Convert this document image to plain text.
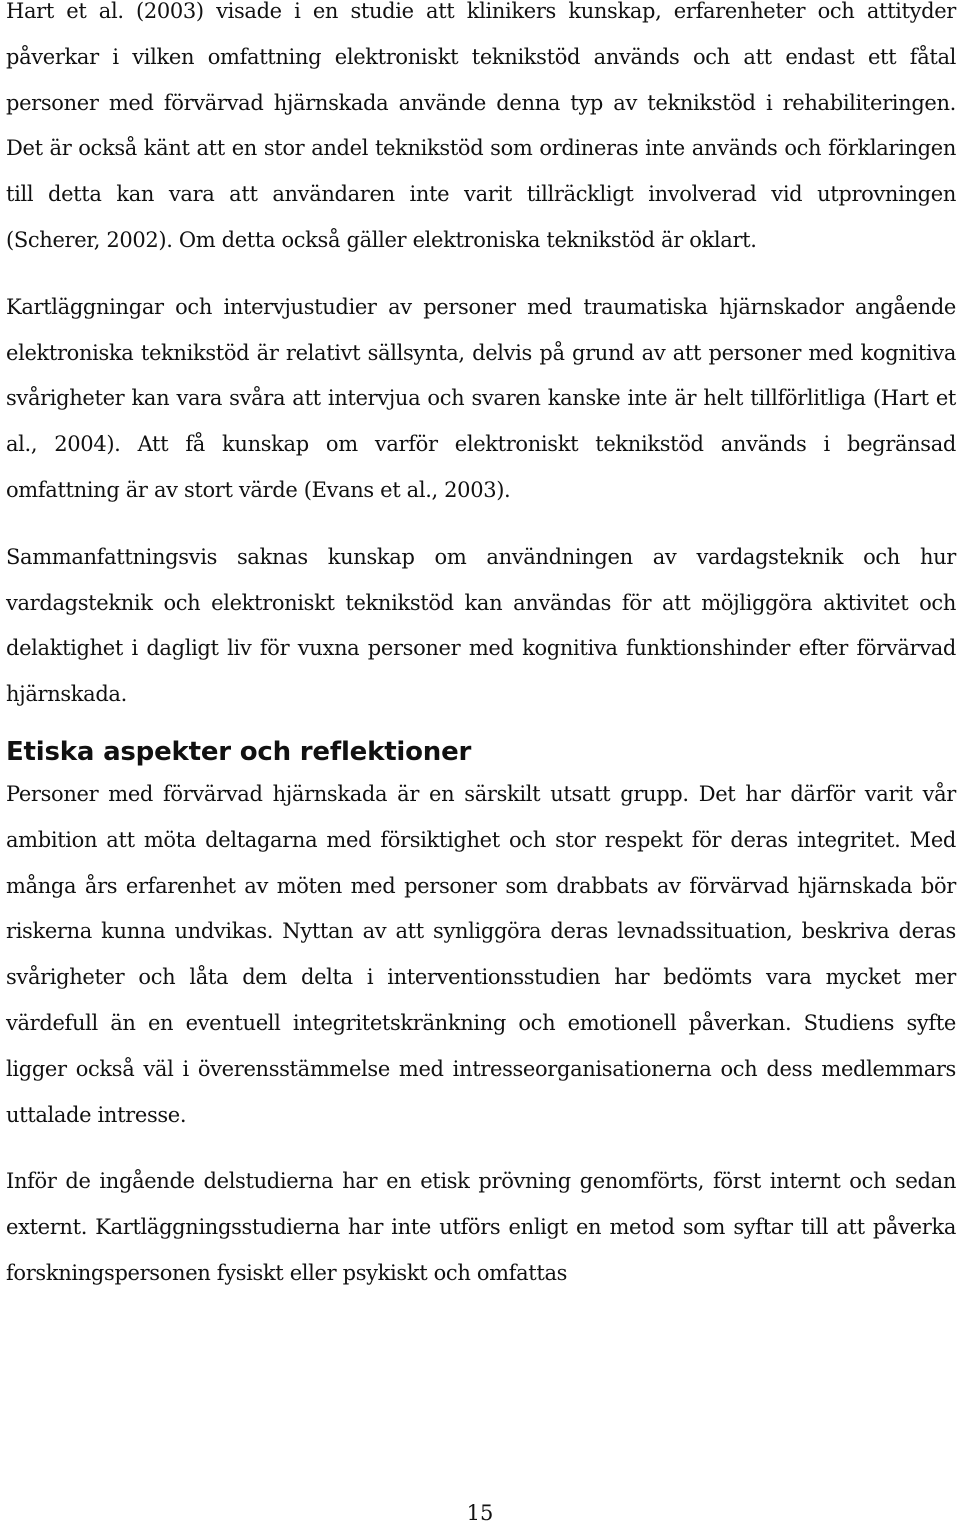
Hart et al. (2003) visade i en studie att klinikers kunskap, erfarenheter och attityder påverkar i vilken omfattning elektroniskt teknikstöd används och att endast ett fåtal personer med förvärvad hjärnskada använde denna typ av teknikstöd i rehabiliteringen. Det är också känt att en stor andel teknikstöd som ordineras inte används och förklaringen till detta kan vara att användaren inte varit tillräckligt involverad vid utprovningen (Scherer, 2002). Om detta också gäller elektroniska teknikstöd är oklart.

Kartläggningar och intervjustudier av personer med traumatiska hjärnskador angående elektroniska teknikstöd är relativt sällsynta, delvis på grund av att personer med kognitiva svårigheter kan vara svåra att intervjua och svaren kanske inte är helt tillförlitliga (Hart et al., 2004). Att få kunskap om varför elektroniskt teknikstöd används i begränsad omfattning är av stort värde (Evans et al., 2003).

Sammanfattningsvis saknas kunskap om användningen av vardagsteknik och hur vardagsteknik och elektroniskt teknikstöd kan användas för att möjliggöra aktivitet och delaktighet i dagligt liv för vuxna personer med kognitiva funktionshinder efter förvärvad hjärnskada.

Etiska aspekter och reflektioner

Personer med förvärvad hjärnskada är en särskilt utsatt grupp. Det har därför varit vår ambition att möta deltagarna med försiktighet och stor respekt för deras integritet. Med många års erfarenhet av möten med personer som drabbats av förvärvad hjärnskada bör riskerna kunna undvikas. Nyttan av att synliggöra deras levnadssituation, beskriva deras svårigheter och låta dem delta i interventionsstudien har bedömts vara mycket mer värdefull än en eventuell integritetskränkning och emotionell påverkan. Studiens syfte ligger också väl i överensstämmelse med intresseorganisationerna och dess medlemmars uttalade intresse.

Inför de ingående delstudierna har en etisk prövning genomförts, först internt och sedan externt. Kartläggningsstudierna har inte utförs enligt en metod som syftar till att påverka forskningspersonen fysiskt eller psykiskt och omfattas

15
